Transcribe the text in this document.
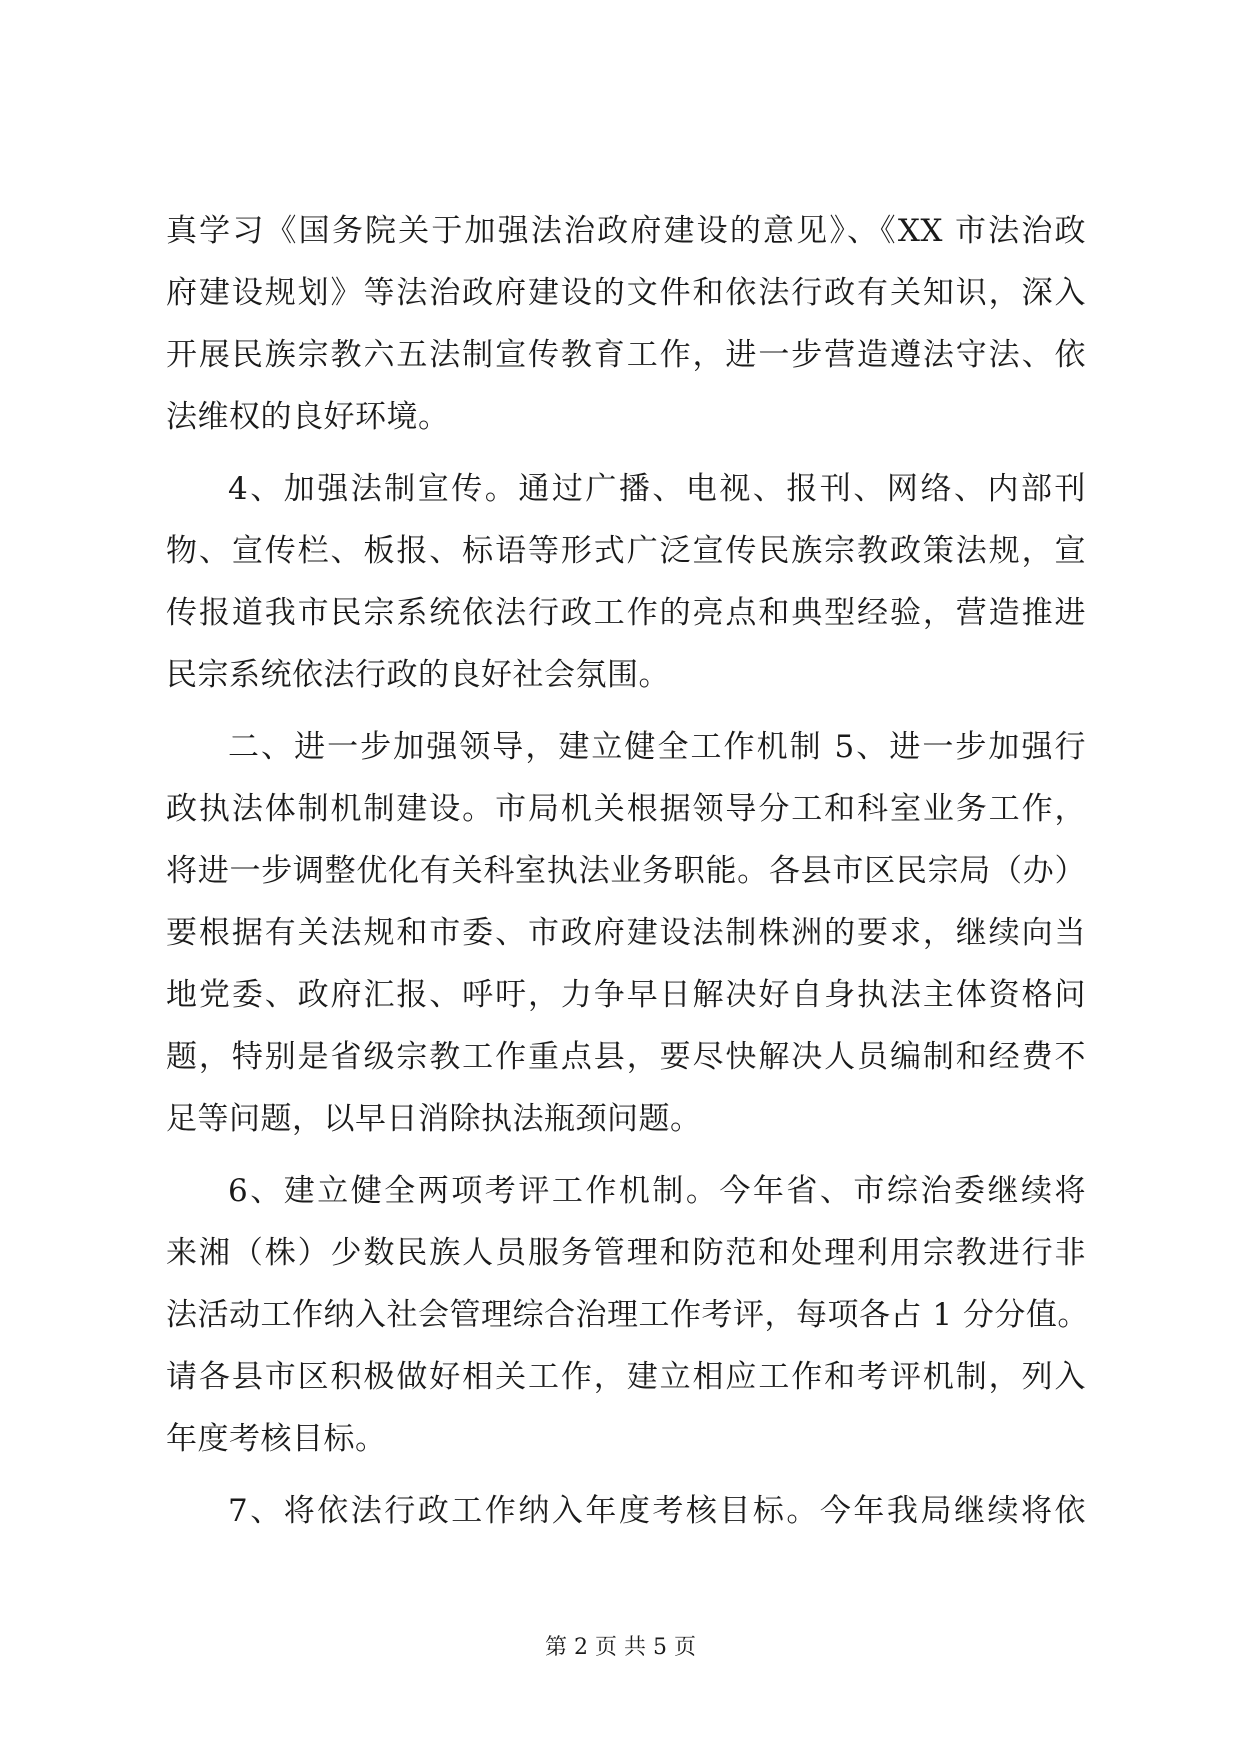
真学习《国务院关于加强法治政府建设的意见》、《XX 市法治政
府建设规划》等法治政府建设的文件和依法行政有关知识，深入
开展民族宗教六五法制宣传教育工作，进一步营造遵法守法、依
法维权的良好环境。
4、加强法制宣传。通过广播、电视、报刊、网络、内部刊
物、宣传栏、板报、标语等形式广泛宣传民族宗教政策法规，宣
传报道我市民宗系统依法行政工作的亮点和典型经验，营造推进
民宗系统依法行政的良好社会氛围。
二、进一步加强领导，建立健全工作机制 5、进一步加强行
政执法体制机制建设。市局机关根据领导分工和科室业务工作，
将进一步调整优化有关科室执法业务职能。各县市区民宗局（办）
要根据有关法规和市委、市政府建设法制株洲的要求，继续向当
地党委、政府汇报、呼吁，力争早日解决好自身执法主体资格问
题，特别是省级宗教工作重点县，要尽快解决人员编制和经费不
足等问题，以早日消除执法瓶颈问题。
6、建立健全两项考评工作机制。今年省、市综治委继续将
来湘（株）少数民族人员服务管理和防范和处理利用宗教进行非
法活动工作纳入社会管理综合治理工作考评，每项各占 1 分分值。
请各县市区积极做好相关工作，建立相应工作和考评机制，列入
年度考核目标。
7、将依法行政工作纳入年度考核目标。今年我局继续将依
第 2 页 共 5 页
